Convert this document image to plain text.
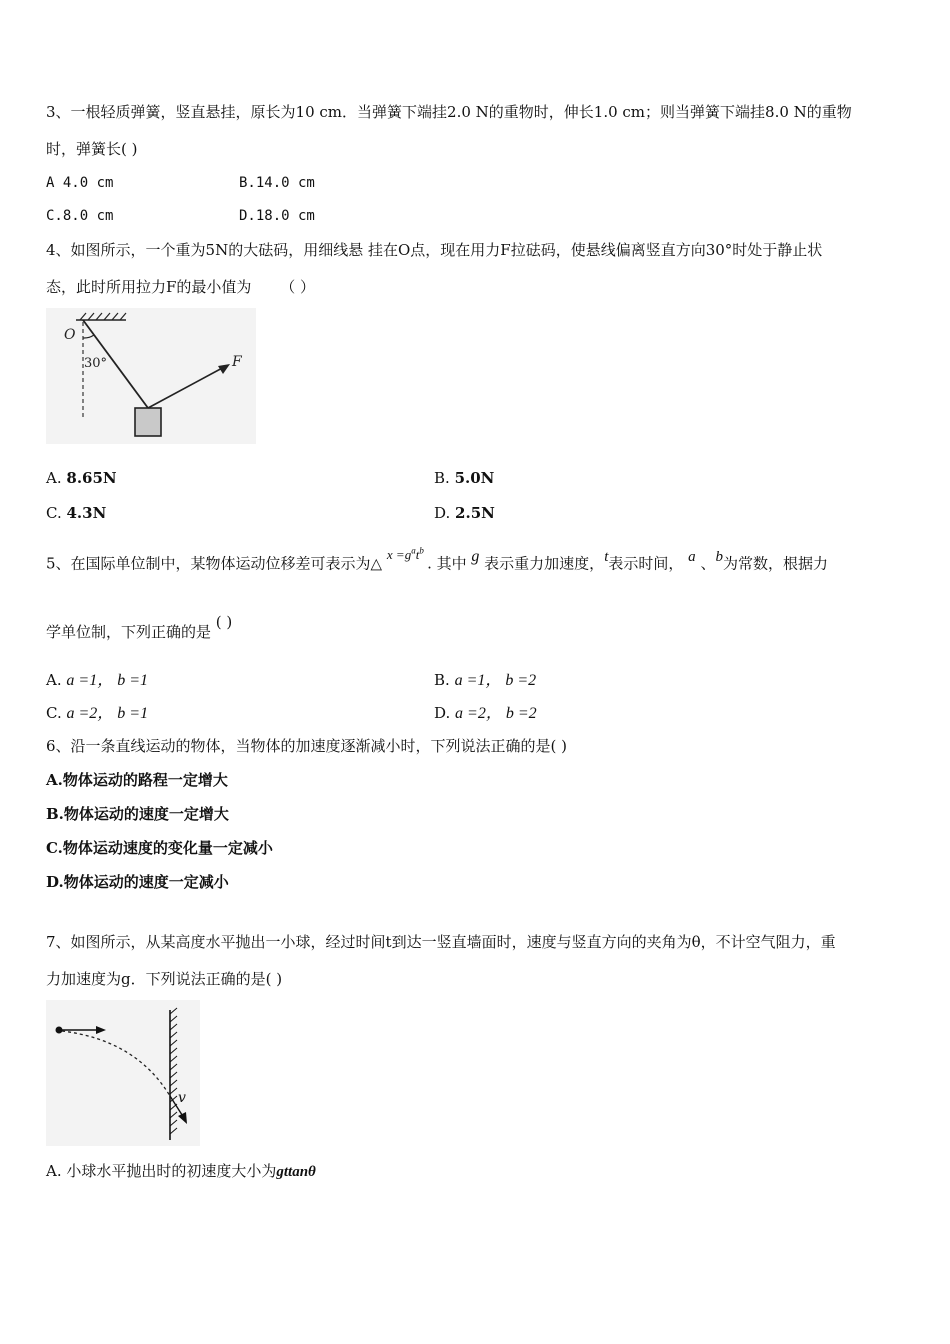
3、一根轻质弹簧，竖直悬挂，原长为10 cm．当弹簧下端挂2.0 N的重物时，伸长1.0 cm；则当弹簧下端挂8.0 N的重物
时，弹簧长( )
A 4.0 cm	B.14.0 cm
C.8.0 cm	D.18.0 cm
4、如图所示，一个重为5N的大砝码，用细线悬 挂在O点，现在用力F拉砝码，使悬线偏离竖直方向30°时处于静止状
态，此时所用拉力F的最小值为 （ ）
O
30°	F
A. 8.65N	B. 5.0N
C. 4.3N	D. 2.5N
5、在国际单位制中，某物体运动位移差可表示为△ $x =g^at^b$ . 其中 g 表示重力加速度，t表示时间， a 、b为常数，根据力
学单位制，下列正确的是 ( )
A. a =1， b =1	B. a =1， b =2
C. a =2， b =1	D. a =2， b =2
6、沿一条直线运动的物体，当物体的加速度逐渐减小时，下列说法正确的是( )
A.物体运动的路程一定增大
B.物体运动的速度一定增大
C.物体运动速度的变化量一定减小
D.物体运动的速度一定减小
7、如图所示，从某高度水平抛出一小球，经过时间t到达一竖直墙面时，速度与竖直方向的夹角为θ，不计空气阻力，重
力加速度为g．下列说法正确的是( )
v
A. 小球水平抛出时的初速度大小为gttanθ
